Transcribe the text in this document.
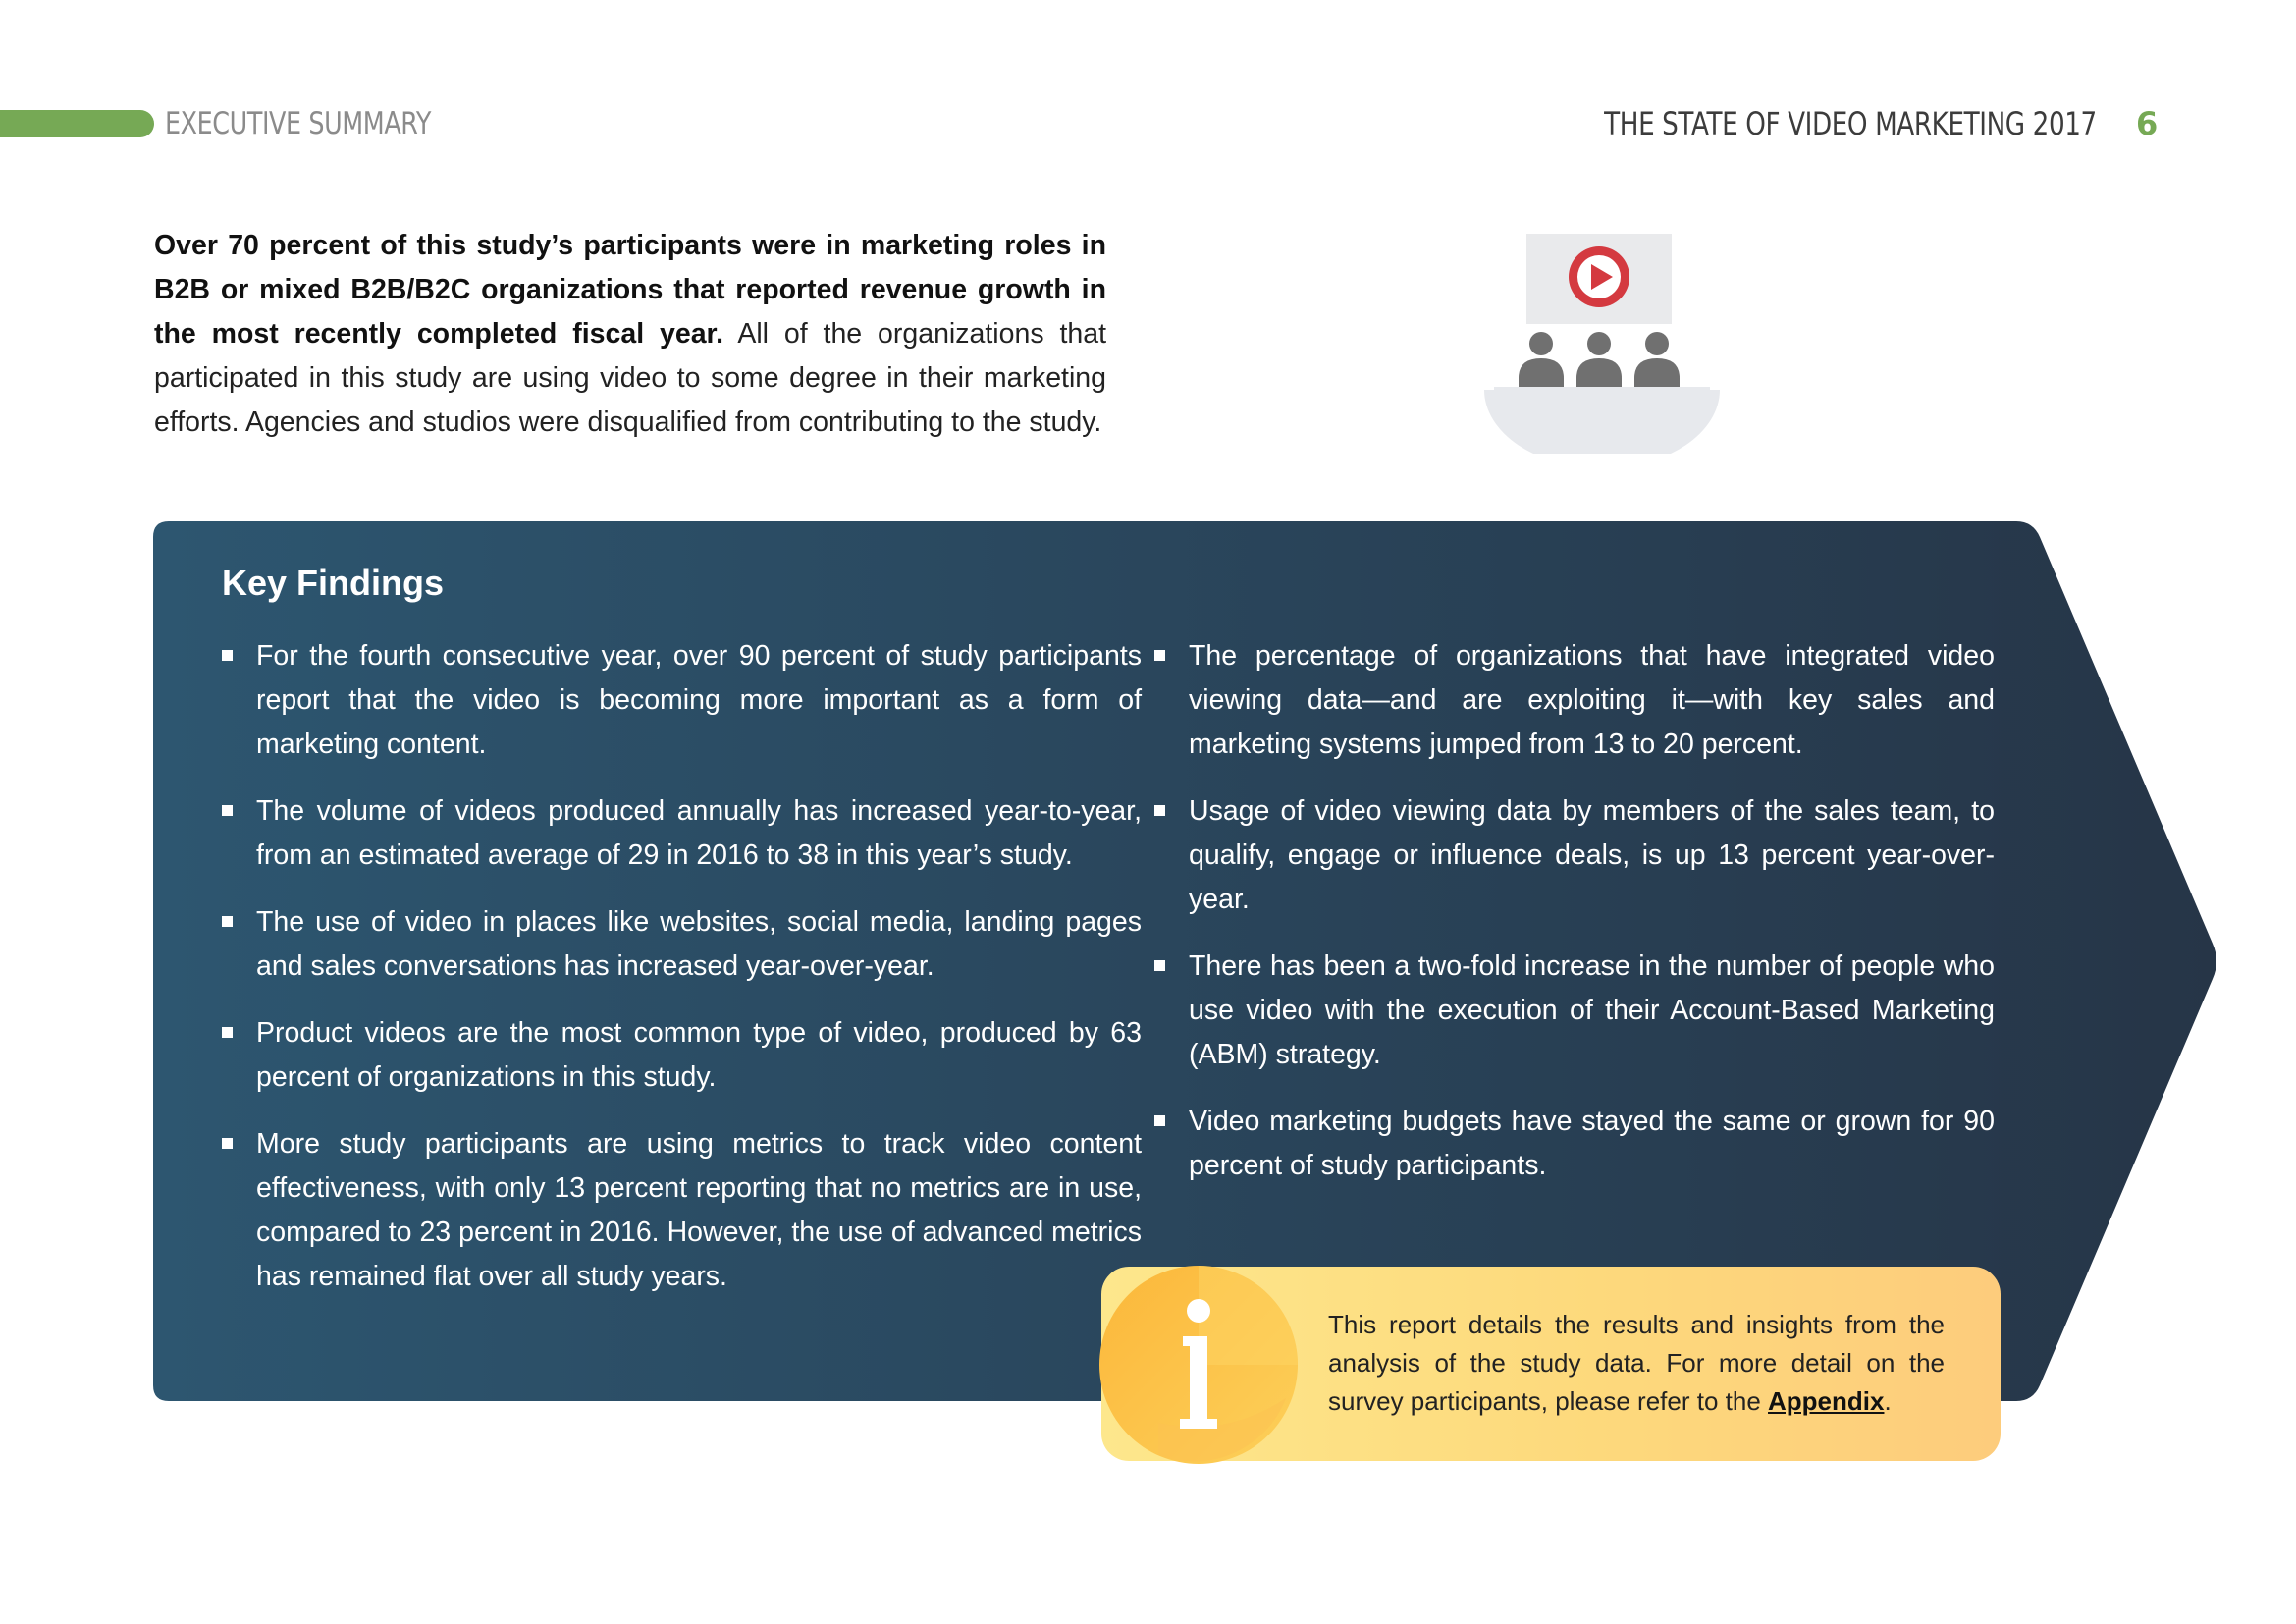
EXECUTIVE SUMMARY	THE STATE OF VIDEO MARKETING 2017 6

Over 70 percent of this study’s participants were in marketing roles in B2B or mixed B2B/B2C organizations that reported revenue growth in the most recently completed fiscal year. All of the organizations that participated in this study are using video to some degree in their marketing efforts. Agencies and studios were disqualified from contributing to the study.

Key Findings
For the fourth consecutive year, over 90 percent of study participants report that the video is becoming more important as a form of marketing content.
The volume of videos produced annually has increased year-to-year, from an estimated average of 29 in 2016 to 38 in this year’s study.
The use of video in places like websites, social media, landing pages and sales conversations has increased year-over-year.
Product videos are the most common type of video, produced by 63 percent of organizations in this study.
More study participants are using metrics to track video content effectiveness, with only 13 percent reporting that no metrics are in use, compared to 23 percent in 2016. However, the use of advanced metrics has remained flat over all study years.
The percentage of organizations that have integrated video viewing data—and are exploiting it—with key sales and marketing systems jumped from 13 to 20 percent.
Usage of video viewing data by members of the sales team, to qualify, engage or influence deals, is up 13 percent year-over-year.
There has been a two-fold increase in the number of people who use video with the execution of their Account-Based Marketing (ABM) strategy.
Video marketing budgets have stayed the same or grown for 90 percent of study participants.

This report details the results and insights from the analysis of the study data. For more detail on the survey participants, please refer to the Appendix.
